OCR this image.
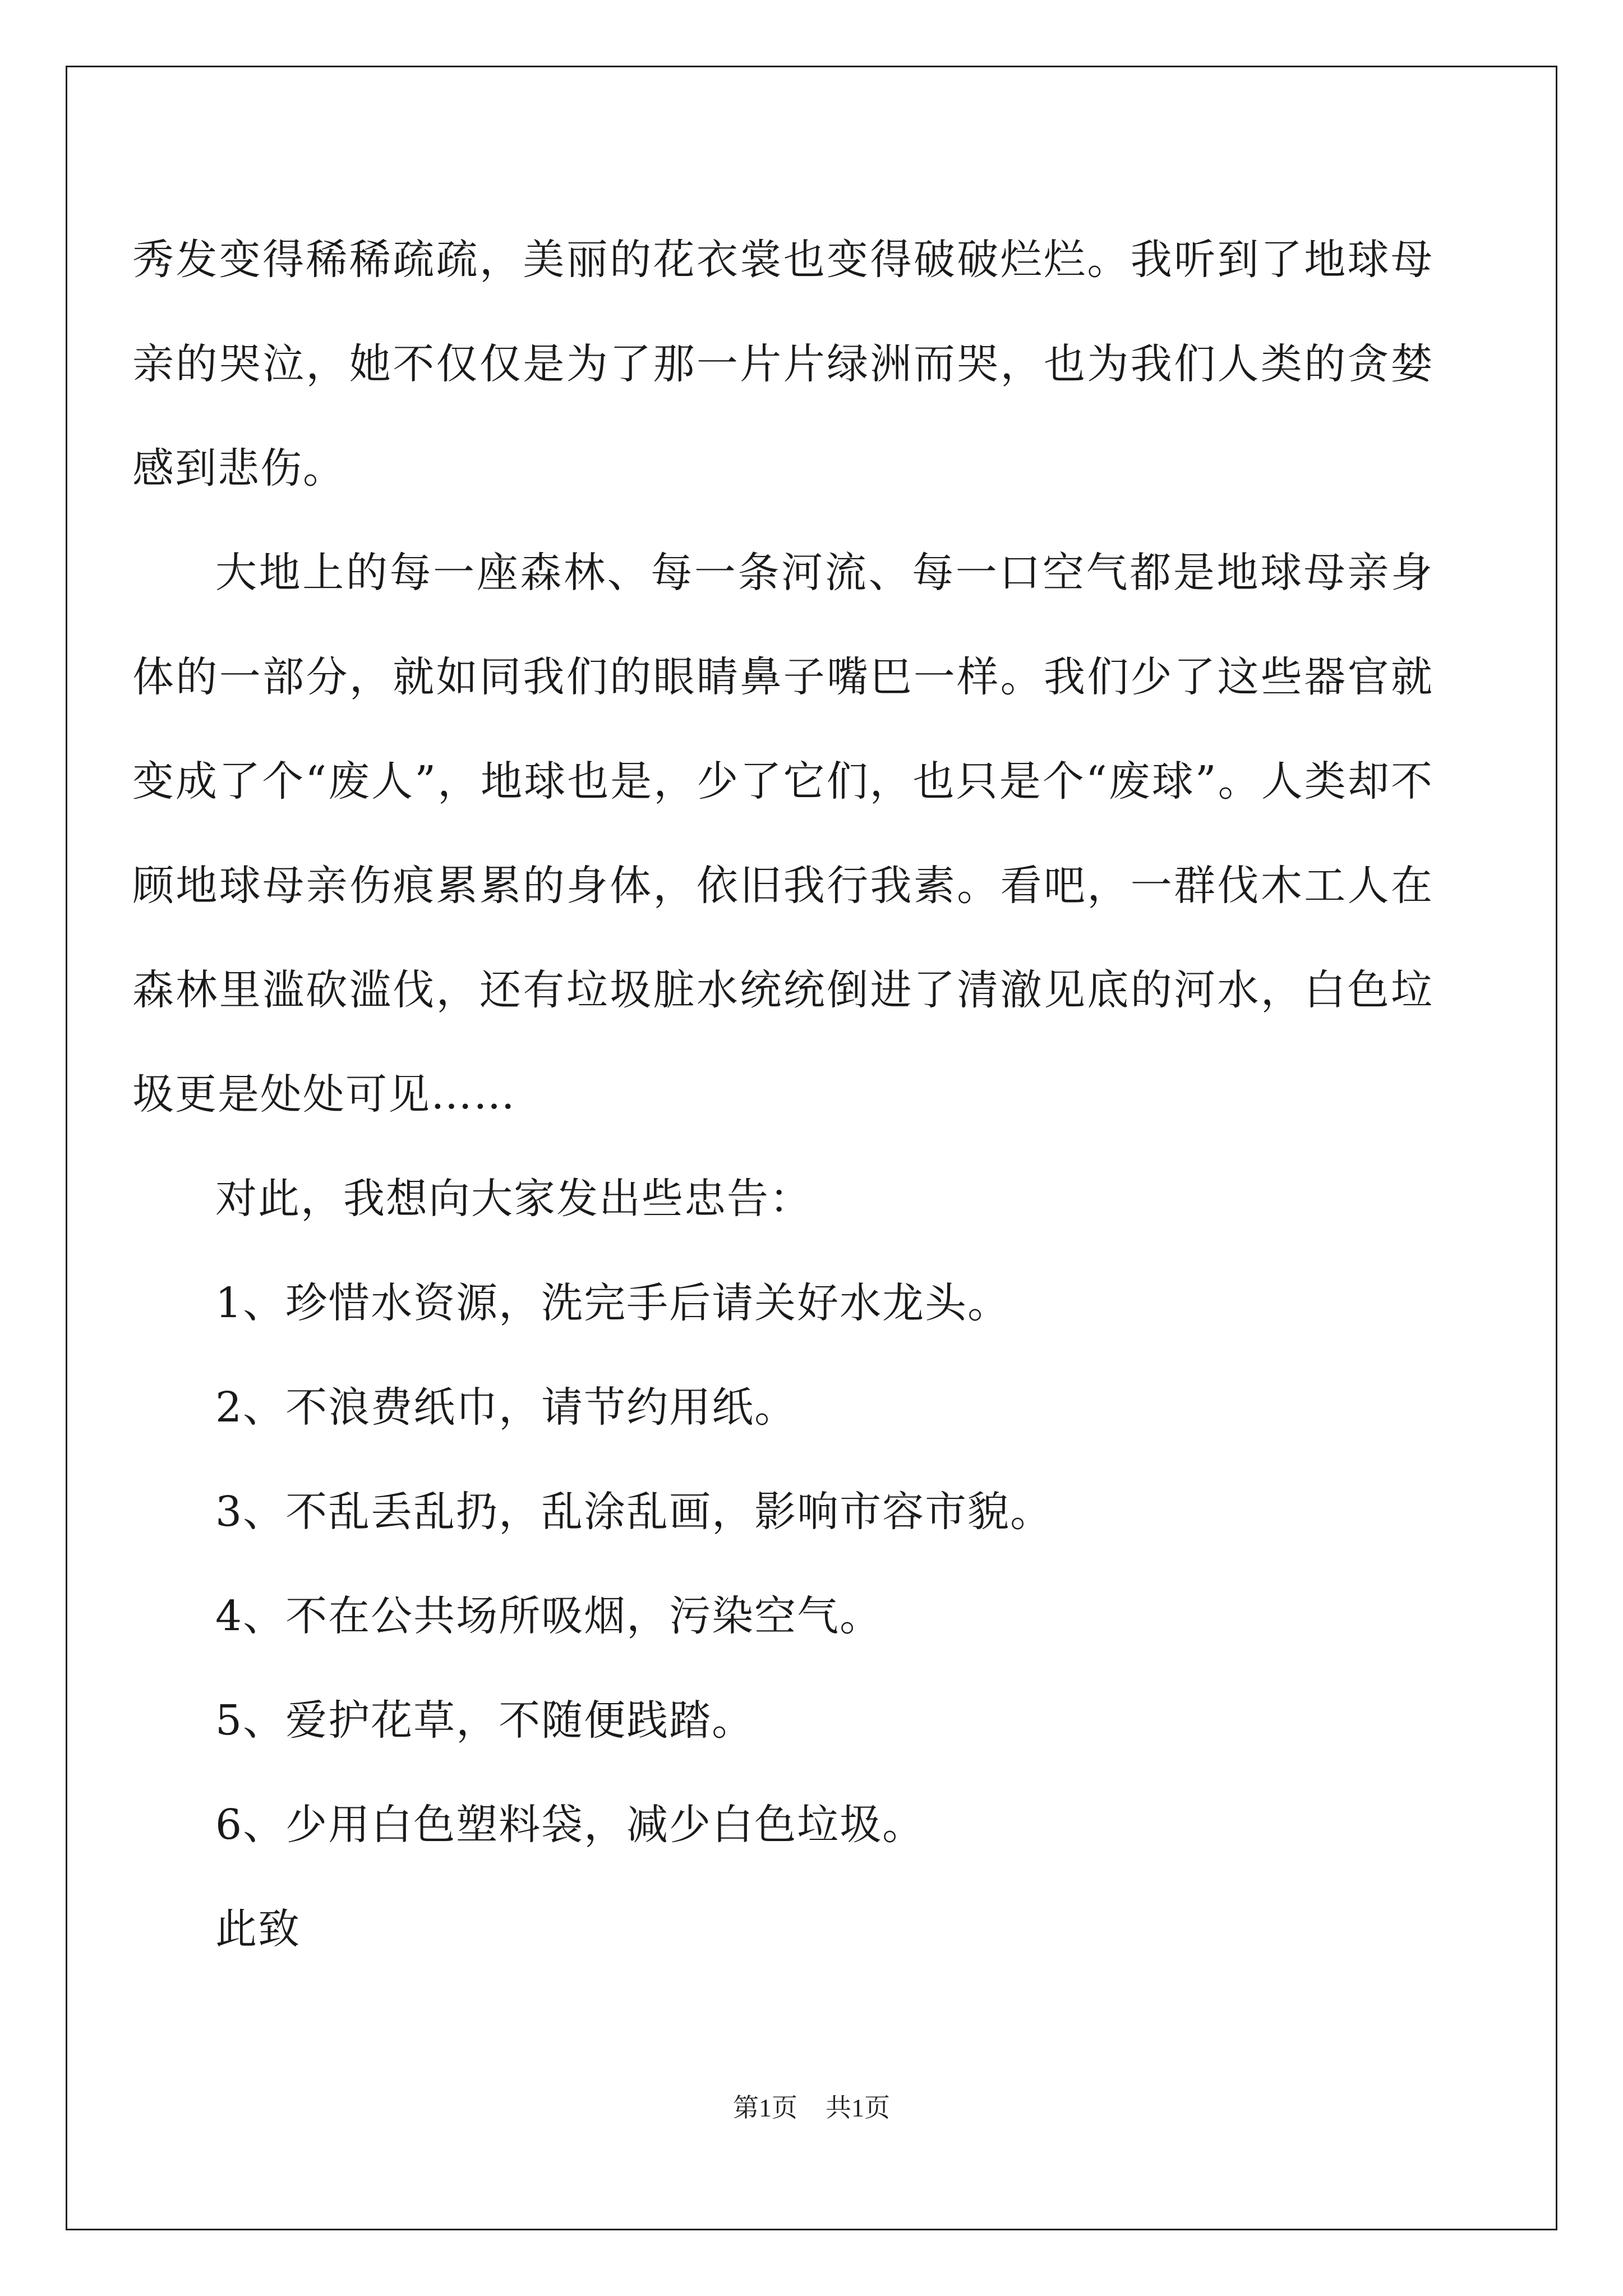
秀发变得稀稀疏疏，美丽的花衣裳也变得破破烂烂。我听到了地球母亲的哭泣，她不仅仅是为了那一片片绿洲而哭，也为我们人类的贪婪感到悲伤。

大地上的每一座森林、每一条河流、每一口空气都是地球母亲身体的一部分，就如同我们的眼睛鼻子嘴巴一样。我们少了这些器官就变成了个“废人”，地球也是，少了它们，也只是个“废球”。人类却不顾地球母亲伤痕累累的身体，依旧我行我素。看吧，一群伐木工人在森林里滥砍滥伐，还有垃圾脏水统统倒进了清澈见底的河水，白色垃圾更是处处可见……

对此，我想向大家发出些忠告：

1、珍惜水资源，洗完手后请关好水龙头。

2、不浪费纸巾，请节约用纸。

3、不乱丢乱扔，乱涂乱画，影响市容市貌。

4、不在公共场所吸烟，污染空气。

5、爱护花草，不随便践踏。

6、少用白色塑料袋，减少白色垃圾。

此致

第1页 共1页
